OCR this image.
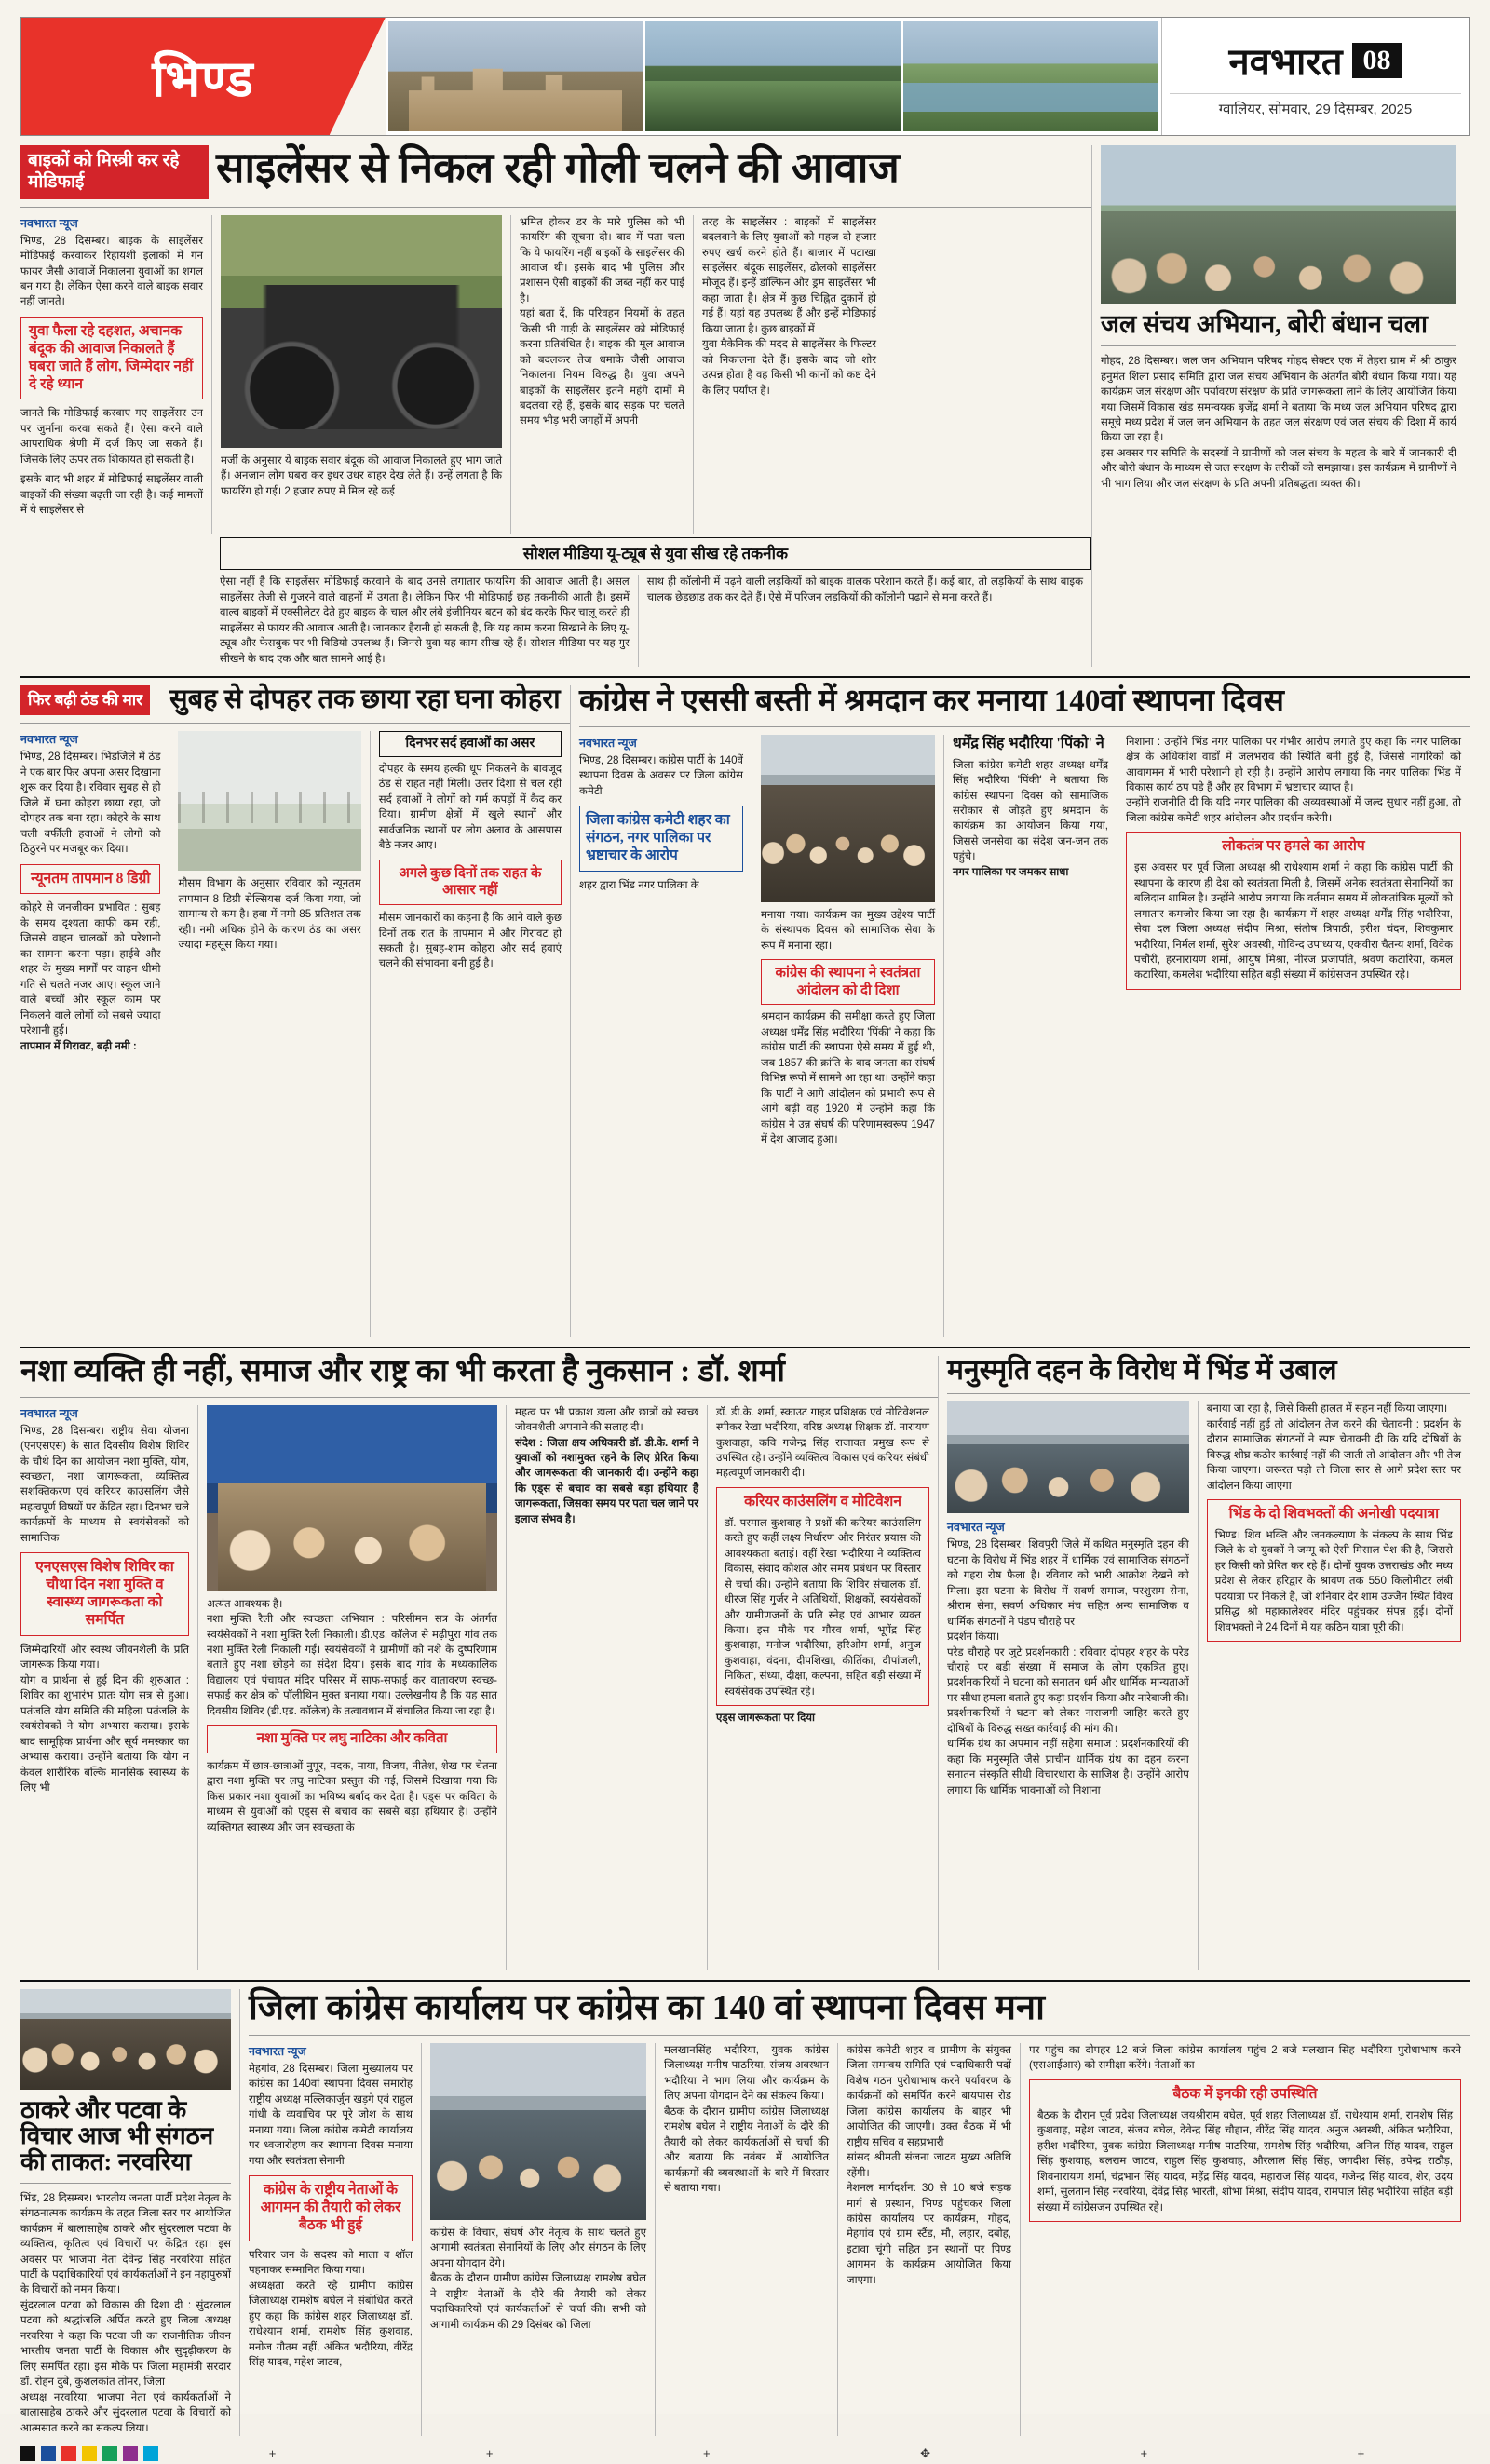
भिण्ड	नवभारत 08
ग्वालियर, सोमवार, 29 दिसम्बर, 2025
बाइकों को मिस्त्री कर रहे मोडिफाई	साइलेंसर से निकल रही गोली चलने की आवाज
नवभारत न्यूज
भिण्ड, 28 दिसम्बर। बाइक के साइलेंसर मोडिफाई करवाकर रिहायशी इलाकों में गन फायर जैसी आवाजें निकालना युवाओं का शगल बन गया है। लेकिन ऐसा करने वाले बाइक सवार नहीं जानते।
युवा फैला रहे दहशत, अचानक बंदूक की आवाज निकालते हैं घबरा जाते हैं लोग, जिम्मेदार नहीं दे रहे ध्यान
जानते कि मोडिफाई करवाए गए साइलेंसर उन पर जुर्माना करवा सकते हैं। ऐसा करने वाले आपराधिक श्रेणी में दर्ज किए जा सकते हैं। जिसके लिए ऊपर तक शिकायत हो सकती है।
इसके बाद भी शहर में मोडिफाई साइलेंसर वाली बाइकों की संख्या बढ़ती जा रही है। कई मामलों में ये साइलेंसर से
मर्जी के अनुसार ये बाइक सवार बंदूक की आवाज निकालते हुए भाग जाते हैं। अनजान लोग घबरा कर इधर उधर बाहर देख लेते हैं। उन्हें लगता है कि फायरिंग हो गई। 2 हजार रुपए में मिल रहे कई
भ्रमित होकर डर के मारे पुलिस को भी फायरिंग की सूचना दी। बाद में पता चला कि ये फायरिंग नहीं बाइकों के साइलेंसर की आवाज थी। इसके बाद भी पुलिस और प्रशासन ऐसी बाइकों की जब्त नहीं कर पाई है।
यहां बता दें, कि परिवहन नियमों के तहत किसी भी गाड़ी के साइलेंसर को मोडिफाई करना प्रतिबंधित है। बाइक की मूल आवाज को बदलकर तेज धमाके जैसी आवाज निकालना नियम विरुद्ध है। युवा अपने बाइकों के साइलेंसर इतने महंगे दामों में बदलवा रहे हैं, इसके बाद सड़क पर चलते समय भीड़ भरी जगहों में अपनी
तरह के साइलेंसर : बाइकों में साइलेंसर बदलवाने के लिए युवाओं को महज दो हजार रुपए खर्च करने होते हैं। बाजार में पटाखा साइलेंसर, बंदूक साइलेंसर, ढोलको साइलेंसर मौजूद हैं। इन्हें डॉल्फिन और ड्रम साइलेंसर भी कहा जाता है। क्षेत्र में कुछ चिह्नित दुकानें हो गई हैं। यहां यह उपलब्ध हैं और इन्हें मोडिफाई किया जाता है। कुछ बाइकों में
युवा मैकेनिक की मदद से साइलेंसर के फिल्टर को निकालना देते हैं। इसके बाद जो शोर उत्पन्न होता है वह किसी भी कानों को कष्ट देने के लिए पर्याप्त है।
सोशल मीडिया यू-ट्यूब से युवा सीख रहे तकनीक
ऐसा नहीं है कि साइलेंसर मोडिफाई करवाने के बाद उनसे लगातार फायरिंग की आवाज आती है। असल साइलेंसर तेजी से गुजरने वाले वाहनों में उगता है। लेकिन फिर भी मोडिफाई छह तकनीकी आती है। इसमें वाल्व बाइकों में एक्सीलेटर देते हुए बाइक के चाल और लंबे इंजीनियर बटन को बंद करके फिर चालू करते ही साइलेंसर से फायर की आवाज आती है। जानकार हैरानी हो सकती है, कि यह काम करना सिखाने के लिए यू-ट्यूब और फेसबुक पर भी विडियो उपलब्ध हैं। जिनसे युवा यह काम सीख रहे हैं। सोशल मीडिया पर यह गुर सीखने के बाद एक और बात सामने आई है।
साथ ही कॉलोनी में पढ़ने वाली लड़कियों को बाइक वालक परेशान करते हैं। कई बार, तो लड़कियों के साथ बाइक चालक छेड़छाड़ तक कर देते हैं। ऐसे में परिजन लड़कियों की कॉलोनी पढ़ाने से मना करते हैं।
जल संचय अभियान, बोरी बंधान चला
गोहद, 28 दिसम्बर। जल जन अभियान परिषद गोहद सेक्टर एक में तेहरा ग्राम में श्री ठाकुर हनुमंत शिला प्रसाद समिति द्वारा जल संचय अभियान के अंतर्गत बोरी बंधान किया गया। यह कार्यक्रम जल संरक्षण और पर्यावरण संरक्षण के प्रति जागरूकता लाने के लिए आयोजित किया गया जिसमें विकास खंड समन्वयक बृजेंद्र शर्मा ने बताया कि मध्य जल अभियान परिषद द्वारा समूचे मध्य प्रदेश में जल जन अभियान के तहत जल संरक्षण एवं जल संचय की दिशा में कार्य किया जा रहा है।
इस अवसर पर समिति के सदस्यों ने ग्रामीणों को जल संचय के महत्व के बारे में जानकारी दी और बोरी बंधान के माध्यम से जल संरक्षण के तरीकों को समझाया। इस कार्यक्रम में ग्रामीणों ने भी भाग लिया और जल संरक्षण के प्रति अपनी प्रतिबद्धता व्यक्त की।
फिर बढ़ी ठंड की मार सुबह से दोपहर तक छाया रहा घना कोहरा
नवभारत न्यूज
भिण्ड, 28 दिसम्बर। भिंडजिले में ठंड ने एक बार फिर अपना असर दिखाना शुरू कर दिया है। रविवार सुबह से ही जिले में घना कोहरा छाया रहा, जो दोपहर तक बना रहा। कोहरे के साथ चली बर्फीली हवाओं ने लोगों को ठिठुरने पर मजबूर कर दिया।
न्यूनतम तापमान 8 डिग्री
कोहरे से जनजीवन प्रभावित : सुबह के समय दृश्यता काफी कम रही, जिससे वाहन चालकों को परेशानी का सामना करना पड़ा। हाईवे और शहर के मुख्य मार्गों पर वाहन धीमी गति से चलते नजर आए। स्कूल जाने वाले बच्चों और स्कूल काम पर निकलने वाले लोगों को सबसे ज्यादा परेशानी हुई।
तापमान में गिरावट, बढ़ी नमी :
मौसम विभाग के अनुसार रविवार को न्यूनतम तापमान 8 डिग्री सेल्सियस दर्ज किया गया, जो सामान्य से कम है। हवा में नमी 85 प्रतिशत तक रही। नमी अधिक होने के कारण ठंड का असर ज्यादा महसूस किया गया।
दिनभर सर्द हवाओं का असर
दोपहर के समय हल्की धूप निकलने के बावजूद ठंड से राहत नहीं मिली। उत्तर दिशा से चल रही सर्द हवाओं ने लोगों को गर्म कपड़ों में कैद कर दिया। ग्रामीण क्षेत्रों में खुले स्थानों और सार्वजनिक स्थानों पर लोग अलाव के आसपास बैठे नजर आए।
अगले कुछ दिनों तक राहत के आसार नहीं
मौसम जानकारों का कहना है कि आने वाले कुछ दिनों तक रात के तापमान में और गिरावट हो सकती है। सुबह-शाम कोहरा और सर्द हवाएं चलने की संभावना बनी हुई है।
कांग्रेस ने एससी बस्ती में श्रमदान कर मनाया 140वां स्थापना दिवस
नवभारत न्यूज
भिण्ड, 28 दिसम्बर। कांग्रेस पार्टी के 140वें स्थापना दिवस के अवसर पर जिला कांग्रेस कमेटी
जिला कांग्रेस कमेटी शहर का संगठन, नगर पालिका पर भ्रष्टाचार के आरोप
शहर द्वारा भिंड नगर पालिका के
मनाया गया। कार्यक्रम का मुख्य उद्देश्य पार्टी के संस्थापक दिवस को सामाजिक सेवा के रूप में मनाना रहा।
कांग्रेस की स्थापना ने स्वतंत्रता आंदोलन को दी दिशा
श्रमदान कार्यक्रम की समीक्षा करते हुए जिला अध्यक्ष धर्मेंद्र सिंह भदौरिया 'पिंकी' ने कहा कि कांग्रेस पार्टी की स्थापना ऐसे समय में हुई थी, जब 1857 की क्रांति के बाद जनता का संघर्ष विभिन्न रूपों में सामने आ रहा था। उन्होंने कहा कि पार्टी ने आगे आंदोलन को प्रभावी रूप से आगे बढ़ी वह 1920 में उन्होंने कहा कि कांग्रेस ने उन्न संघर्ष की परिणामस्वरूप 1947 में देश आजाद हुआ।
धर्मेंद्र सिंह भदौरिया 'पिंको' ने
जिला कांग्रेस कमेटी शहर अध्यक्ष धर्मेंद्र सिंह भदौरिया 'पिंकी' ने बताया कि कांग्रेस स्थापना दिवस को सामाजिक सरोकार से जोड़ते हुए श्रमदान के कार्यक्रम का आयोजन किया गया, जिससे जनसेवा का संदेश जन-जन तक पहुंचे।
नगर पालिका पर जमकर साधा
निशाना : उन्होंने भिंड नगर पालिका पर गंभीर आरोप लगाते हुए कहा कि नगर पालिका क्षेत्र के अधिकांश वार्डों में जलभराव की स्थिति बनी हुई है, जिससे नागरिकों को आवागमन में भारी परेशानी हो रही है। उन्होंने आरोप लगाया कि नगर पालिका भिंड में विकास कार्य ठप पड़े हैं और हर विभाग में भ्रष्टाचार व्याप्त है।
उन्होंने राजनीति दी कि यदि नगर पालिका की अव्यवस्थाओं में जल्द सुधार नहीं हुआ, तो जिला कांग्रेस कमेटी शहर आंदोलन और प्रदर्शन करेगी।
लोकतंत्र पर हमले का आरोप
इस अवसर पर पूर्व जिला अध्यक्ष श्री राधेश्याम शर्मा ने कहा कि कांग्रेस पार्टी की स्थापना के कारण ही देश को स्वतंत्रता मिली है, जिसमें अनेक स्वतंत्रता सेनानियों का बलिदान शामिल है। उन्होंने आरोप लगाया कि वर्तमान समय में लोकतांत्रिक मूल्यों को लगातार कमजोर किया जा रहा है। कार्यक्रम में शहर अध्यक्ष धर्मेंद्र सिंह भदौरिया, सेवा दल जिला अध्यक्ष संदीप मिश्रा, संतोष त्रिपाठी, हरीश चंदन, शिवकुमार भदौरिया, निर्मल शर्मा, सुरेश अवस्थी, गोविन्द उपाध्याय, एकवीरा चैतन्य शर्मा, विवेक पचौरी, हरनारायण शर्मा, आयुष मिश्रा, नीरज प्रजापति, श्रवण कटारिया, कमल कटारिया, कमलेश भदौरिया सहित बड़ी संख्या में कांग्रेसजन उपस्थित रहे।
नशा व्यक्ति ही नहीं, समाज और राष्ट्र का भी करता है नुकसान : डॉ. शर्मा
नवभारत न्यूज
भिण्ड, 28 दिसम्बर। राष्ट्रीय सेवा योजना (एनएसएस) के सात दिवसीय विशेष शिविर के चौथे दिन का आयोजन नशा मुक्ति, योग, स्वच्छता, नशा जागरूकता, व्यक्तित्व सशक्तिकरण एवं करियर काउंसलिंग जैसे महत्वपूर्ण विषयों पर केंद्रित रहा। दिनभर चले कार्यक्रमों के माध्यम से स्वयंसेवकों को सामाजिक
एनएसएस विशेष शिविर का चौथा दिन नशा मुक्ति व स्वास्थ्य जागरूकता को समर्पित
जिम्मेदारियों और स्वस्थ जीवनशैली के प्रति जागरूक किया गया।
योग व प्रार्थना से हुई दिन की शुरुआत : शिविर का शुभारंभ प्रातः योग सत्र से हुआ। पतंजलि योग समिति की महिला पतंजलि के स्वयंसेवकों ने योग अभ्यास कराया। इसके बाद सामूहिक प्रार्थना और सूर्य नमस्कार का अभ्यास कराया। उन्होंने बताया कि योग न केवल शारीरिक बल्कि मानसिक स्वास्थ्य के लिए भी
अत्यंत आवश्यक है।
नशा मुक्ति रैली और स्वच्छता अभियान : परिसीमन सत्र के अंतर्गत स्वयंसेवकों ने नशा मुक्ति रैली निकाली। डी.एड. कॉलेज से मढ़ीपुरा गांव तक नशा मुक्ति रैली निकाली गई। स्वयंसेवकों ने ग्रामीणों को नशे के दुष्परिणाम बताते हुए नशा छोड़ने का संदेश दिया। इसके बाद गांव के मध्यकालिक विद्यालय एवं पंचायत मंदिर परिसर में साफ-सफाई कर वातावरण स्वच्छ-सफाई कर क्षेत्र को पॉलीथिन मुक्त बनाया गया। उल्लेखनीय है कि यह सात दिवसीय शिविर (डी.एड. कॉलेज) के तत्वावधान में संचालित किया जा रहा है।
नशा मुक्ति पर लघु नाटिका और कविता
कार्यक्रम में छात्र-छात्राओं नुपूर, मदक, माया, विजय, नीतेश, शेख पर चेतना द्वारा नशा मुक्ति पर लघु नाटिका प्रस्तुत की गई, जिसमें दिखाया गया कि किस प्रकार नशा युवाओं का भविष्य बर्बाद कर देता है। एड्स पर कविता के माध्यम से युवाओं को एड्स से बचाव का सबसे बड़ा हथियार है। उन्होंने व्यक्तिगत स्वास्थ्य और जन स्वच्छता के
महत्व पर भी प्रकाश डाला और छात्रों को स्वच्छ जीवनशैली अपनाने की सलाह दी।
संदेश : जिला क्षय अधिकारी डॉ. डी.के. शर्मा ने युवाओं को नशामुक्त रहने के लिए प्रेरित किया और जागरूकता की जानकारी दी। उन्होंने कहा कि एड्स से बचाव का सबसे बड़ा हथियार है जागरूकता, जिसका समय पर पता चल जाने पर इलाज संभव है।
डॉ. डी.के. शर्मा, स्काउट गाइड प्रशिक्षक एवं मोटिवेशनल स्पीकर रेखा भदौरिया, वरिष्ठ अध्यक्ष शिक्षक डॉ. नारायण कुशवाहा, कवि गजेन्द्र सिंह राजावत प्रमुख रूप से उपस्थित रहे। उन्होंने व्यक्तित्व विकास एवं करियर संबंधी महत्वपूर्ण जानकारी दी।
करियर काउंसलिंग व मोटिवेशन
डॉ. परमाल कुशवाह ने प्रश्नों की करियर काउंसलिंग करते हुए कहीं लक्ष्य निर्धारण और निरंतर प्रयास की आवश्यकता बताई। वहीं रेखा भदौरिया ने व्यक्तित्व विकास, संवाद कौशल और समय प्रबंधन पर विस्तार से चर्चा की। उन्होंने बताया कि शिविर संचालक डॉ. धीरज सिंह गुर्जर ने अतिथियों, शिक्षकों, स्वयंसेवकों और ग्रामीणजनों के प्रति स्नेह एवं आभार व्यक्त किया। इस मौके पर गौरव शर्मा, भूपेंद्र सिंह कुशवाहा, मनोज भदौरिया, हरिओम शर्मा, अनुज कुशवाहा, वंदना, दीपशिखा, कीर्तिका, दीपांजली, निकिता, संध्या, दीक्षा, कल्पना, सहित बड़ी संख्या में स्वयंसेवक उपस्थित रहे।
एड्स जागरूकता पर दिया
मनुस्मृति दहन के विरोध में भिंड में उबाल
नवभारत न्यूज
भिण्ड, 28 दिसम्बर। शिवपुरी जिले में कथित मनुस्मृति दहन की घटना के विरोध में भिंड शहर में धार्मिक एवं सामाजिक संगठनों को गहरा रोष फैला है। रविवार को भारी आक्रोश देखने को मिला। इस घटना के विरोध में सवर्ण समाज, परशुराम सेना, श्रीराम सेना, सवर्ण अधिकार मंच सहित अन्य सामाजिक व धार्मिक संगठनों ने पंडप चौराहे पर
प्रदर्शन किया।
परेड चौराहे पर जुटे प्रदर्शनकारी : रविवार दोपहर शहर के परेड चौराहे पर बड़ी संख्या में समाज के लोग एकत्रित हुए। प्रदर्शनकारियों ने घटना को सनातन धर्म और धार्मिक मान्यताओं पर सीधा हमला बताते हुए कड़ा प्रदर्शन किया और नारेबाजी की। प्रदर्शनकारियों ने घटना को लेकर नाराजगी जाहिर करते हुए दोषियों के विरुद्ध सख्त कार्रवाई की मांग की।
धार्मिक ग्रंथ का अपमान नहीं सहेगा समाज : प्रदर्शनकारियों की कहा कि मनुस्मृति जैसे प्राचीन धार्मिक ग्रंथ का दहन करना सनातन संस्कृति सीधी विचारधारा के साजिश है। उन्होंने आरोप लगाया कि धार्मिक भावनाओं को निशाना
बनाया जा रहा है, जिसे किसी हालत में सहन नहीं किया जाएगा।
कार्रवाई नहीं हुई तो आंदोलन तेज करने की चेतावनी : प्रदर्शन के दौरान सामाजिक संगठनों ने स्पष्ट चेतावनी दी कि यदि दोषियों के विरुद्ध शीघ्र कठोर कार्रवाई नहीं की जाती तो आंदोलन और भी तेज किया जाएगा। जरूरत पड़ी तो जिला स्तर से आगे प्रदेश स्तर पर आंदोलन किया जाएगा।
भिंड के दो शिवभक्तों की अनोखी पदयात्रा
भिण्ड। शिव भक्ति और जनकल्याण के संकल्प के साथ भिंड जिले के दो युवकों ने जम्मू को ऐसी मिसाल पेश की है, जिससे हर किसी को प्रेरित कर रहे हैं। दोनों युवक उत्तराखंड और मध्य प्रदेश से लेकर हरिद्वार के श्रावण तक 550 किलोमीटर लंबी पदयात्रा पर निकले हैं, जो शनिवार देर शाम उज्जैन स्थित विश्व प्रसिद्ध श्री महाकालेश्वर मंदिर पहुंचकर संपन्न हुई। दोनों शिवभक्तों ने 24 दिनों में यह कठिन यात्रा पूरी की।
ठाकरे और पटवा के विचार आज भी संगठन की ताकत: नरवरिया
भिंड, 28 दिसम्बर। भारतीय जनता पार्टी प्रदेश नेतृत्व के संगठनात्मक कार्यक्रम के तहत जिला स्तर पर आयोजित कार्यक्रम में बालासाहेब ठाकरे और सुंदरलाल पटवा के व्यक्तित्व, कृतित्व एवं विचारों पर केंद्रित रहा। इस अवसर पर भाजपा नेता देवेन्द्र सिंह नरवरिया सहित पार्टी के पदाधिकारियों एवं कार्यकर्ताओं ने इन महापुरुषों के विचारों को नमन किया।
सुंदरलाल पटवा को विकास की दिशा दी : सुंदरलाल पटवा को श्रद्धांजलि अर्पित करते हुए जिला अध्यक्ष नरवरिया ने कहा कि पटवा जी का राजनीतिक जीवन भारतीय जनता पार्टी के विकास और सुदृढ़ीकरण के लिए समर्पित रहा। इस मौके पर जिला महामंत्री सरदार डॉ. रोहन दुबे, कुशलकांत तोमर, जिला
अध्यक्ष नरवरिया, भाजपा नेता एवं कार्यकर्ताओं ने बालासाहेब ठाकरे और सुंदरलाल पटवा के विचारों को आत्मसात करने का संकल्प लिया।
जिला कांग्रेस कार्यालय पर कांग्रेस का 140 वां स्थापना दिवस मना
नवभारत न्यूज
मेहगांव, 28 दिसम्बर। जिला मुख्यालय पर कांग्रेस का 140वां स्थापना दिवस समारोह राष्ट्रीय अध्यक्ष मल्लिकार्जुन खड़गे एवं राहुल गांधी के व्यवाचिव पर पूरे जोश के साथ मनाया गया। जिला कांग्रेस कमेटी कार्यालय पर ध्वजारोहण कर स्थापना दिवस मनाया गया और स्वतंत्रता सेनानी
कांग्रेस के राष्ट्रीय नेताओं के आगमन की तैयारी को लेकर बैठक भी हुई
परिवार जन के सदस्य को माला व शॉल पहनाकर सम्मानित किया गया।
अध्यक्षता करते रहे ग्रामीण कांग्रेस जिलाध्यक्ष रामशेष बघेल ने संबोधित करते हुए कहा कि कांग्रेस शहर जिलाध्यक्ष डॉ. राधेश्याम शर्मा, रामशेष सिंह कुशवाह, मनोज गौतम नहीं, अंकित भदौरिया, वीरेंद्र सिंह यादव, महेश जाटव,
कांग्रेस के विचार, संघर्ष और नेतृत्व के साथ चलते हुए आगामी स्वतंत्रता सेनानियों के लिए और संगठन के लिए अपना योगदान देंगे।
बैठक के दौरान ग्रामीण कांग्रेस जिलाध्यक्ष रामशेष बघेल ने राष्ट्रीय नेताओं के दौरे की तैयारी को लेकर पदाधिकारियों एवं कार्यकर्ताओं से चर्चा की। सभी को आगामी कार्यक्रम की 29 दिसंबर को जिला
मलखानसिंह भदौरिया, युवक कांग्रेस जिलाध्यक्ष मनीष पाठरिया, संजय अवस्थान भदौरिया ने भाग लिया और कार्यक्रम के लिए अपना योगदान देने का संकल्प किया।
बैठक के दौरान ग्रामीण कांग्रेस जिलाध्यक्ष रामशेष बघेल ने राष्ट्रीय नेताओं के दौरे की तैयारी को लेकर कार्यकर्ताओं से चर्चा की और बताया कि नवंबर में आयोजित कार्यक्रमों की व्यवस्थाओं के बारे में विस्तार से बताया गया।
कांग्रेस कमेटी शहर व ग्रामीण के संयुक्त जिला समन्वय समिति एवं पदाधिकारी पदों विशेष गठन पुरोधाभाष करने पर्यावरण के कार्यक्रमों को समर्पित करने बायपास रोड जिला कांग्रेस कार्यालय के बाहर भी आयोजित की जाएगी। उक्त बैठक में भी राष्ट्रीय सचिव व सहप्रभारी
सांसद श्रीमती संजना जाटव मुख्य अतिथि रहेंगी।
नेशनल मार्गदर्शन: 30 से 10 बजे सड़क मार्ग से प्रस्थान, भिण्ड पहुंचकर जिला कांग्रेस कार्यालय पर कार्यक्रम, गोहद, मेहगांव एवं ग्राम स्टैंड, मौ, लहार, दबोह, इटावा चूंगी सहित इन स्थानों पर पिण्ड आगमन के कार्यक्रम आयोजित किया जाएगा।
पर पहुंच का दोपहर 12 बजे जिला कांग्रेस कार्यालय पहुंच 2 बजे मलखान सिंह भदौरिया पुरोधाभाष करने (एसआईआर) को समीक्षा करेंगे। नेताओं का
बैठक में इनकी रही उपस्थिति
बैठक के दौरान पूर्व प्रदेश जिलाध्यक्ष जयश्रीराम बघेल, पूर्व शहर जिलाध्यक्ष डॉ. राधेश्याम शर्मा, रामशेष सिंह कुशवाह, महेश जाटव, संजय बघेल, देवेन्द्र सिंह चौहान, वीरेंद्र सिंह यादव, अनुज अवस्थी, अंकित भदौरिया, हरीश भदौरिया, युवक कांग्रेस जिलाध्यक्ष मनीष पाठरिया, रामशेष सिंह भदौरिया, अनिल सिंह यादव, राहुल सिंह कुशवाह, बलराम जाटव, राहुल सिंह कुशवाह, औरलाल सिंह सिंह, जगदीश सिंह, उपेन्द्र राठौड़, शिवनारायण शर्मा, चंद्रभान सिंह यादव, महेंद्र सिंह यादव, महाराज सिंह यादव, गजेन्द्र सिंह यादव, शेर, उदय शर्मा, सुलतान सिंह नरवरिया, देवेंद्र सिंह भारती, शोभा मिश्रा, संदीप यादव, रामपाल सिंह भदौरिया सहित बड़ी संख्या में कांग्रेसजन उपस्थित रहे।
+	+	+	✥	+	+
